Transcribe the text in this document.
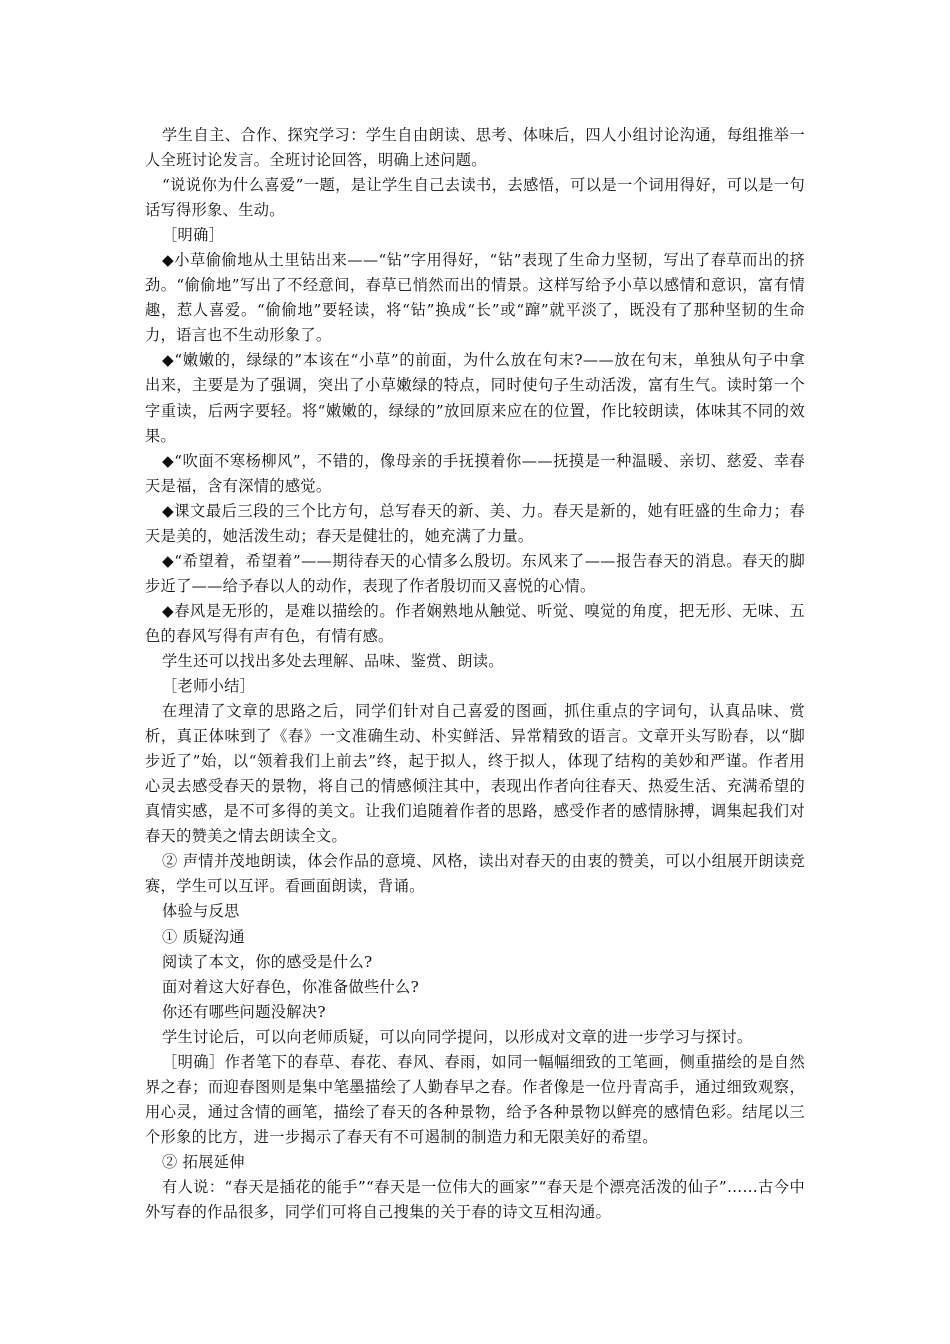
学生自主、合作、探究学习：学生自由朗读、思考、体味后，四人小组讨论沟通，每组推举一人全班讨论发言。全班讨论回答，明确上述问题。

“说说你为什么喜爱”一题，是让学生自己去读书，去感悟，可以是一个词用得好，可以是一句话写得形象、生动。

［明确］

◆小草偷偷地从土里钻出来——“钻”字用得好，“钻”表现了生命力坚韧，写出了春草而出的挤劲。“偷偷地”写出了不经意间，春草已悄然而出的情景。这样写给予小草以感情和意识，富有情趣，惹人喜爱。“偷偷地”要轻读，将“钻”换成“长”或“蹿”就平淡了，既没有了那种坚韧的生命力，语言也不生动形象了。

◆“嫩嫩的，绿绿的”本该在“小草”的前面，为什么放在句末?——放在句末，单独从句子中拿出来，主要是为了强调，突出了小草嫩绿的特点，同时使句子生动活泼，富有生气。读时第一个字重读，后两字要轻。将“嫩嫩的，绿绿的”放回原来应在的位置，作比较朗读，体味其不同的效果。

◆“吹面不寒杨柳风”，不错的，像母亲的手抚摸着你——抚摸是一种温暖、亲切、慈爱、幸春天是福，含有深情的感觉。

◆课文最后三段的三个比方句，总写春天的新、美、力。春天是新的，她有旺盛的生命力；春天是美的，她活泼生动；春天是健壮的，她充满了力量。

◆“希望着，希望着”——期待春天的心情多么殷切。东风来了——报告春天的消息。春天的脚步近了——给予春以人的动作，表现了作者殷切而又喜悦的心情。

◆春风是无形的，是难以描绘的。作者娴熟地从触觉、听觉、嗅觉的角度，把无形、无味、五色的春风写得有声有色，有情有感。

学生还可以找出多处去理解、品味、鉴赏、朗读。

［老师小结］

在理清了文章的思路之后，同学们针对自己喜爱的图画，抓住重点的字词句，认真品味、赏析，真正体味到了《春》一文准确生动、朴实鲜活、异常精致的语言。文章开头写盼春，以“脚步近了”始，以“领着我们上前去”终，起于拟人，终于拟人，体现了结构的美妙和严谨。作者用心灵去感受春天的景物，将自己的情感倾注其中，表现出作者向往春天、热爱生活、充满希望的真情实感，是不可多得的美文。让我们追随着作者的思路，感受作者的感情脉搏，调集起我们对春天的赞美之情去朗读全文。

② 声情并茂地朗读，体会作品的意境、风格，读出对春天的由衷的赞美，可以小组展开朗读竞赛，学生可以互评。看画面朗读，背诵。

体验与反思

① 质疑沟通

阅读了本文，你的感受是什么?

面对着这大好春色，你准备做些什么?

你还有哪些问题没解决?

学生讨论后，可以向老师质疑，可以向同学提问，以形成对文章的进一步学习与探讨。

［明确］作者笔下的春草、春花、春风、春雨，如同一幅幅细致的工笔画，侧重描绘的是自然界之春；而迎春图则是集中笔墨描绘了人勤春早之春。作者像是一位丹青高手，通过细致观察，用心灵，通过含情的画笔，描绘了春天的各种景物，给予各种景物以鲜亮的感情色彩。结尾以三个形象的比方，进一步揭示了春天有不可遏制的制造力和无限美好的希望。

② 拓展延伸

有人说：“春天是插花的能手”“春天是一位伟大的画家”“春天是个漂亮活泼的仙子”……古今中外写春的作品很多，同学们可将自己搜集的关于春的诗文互相沟通。
